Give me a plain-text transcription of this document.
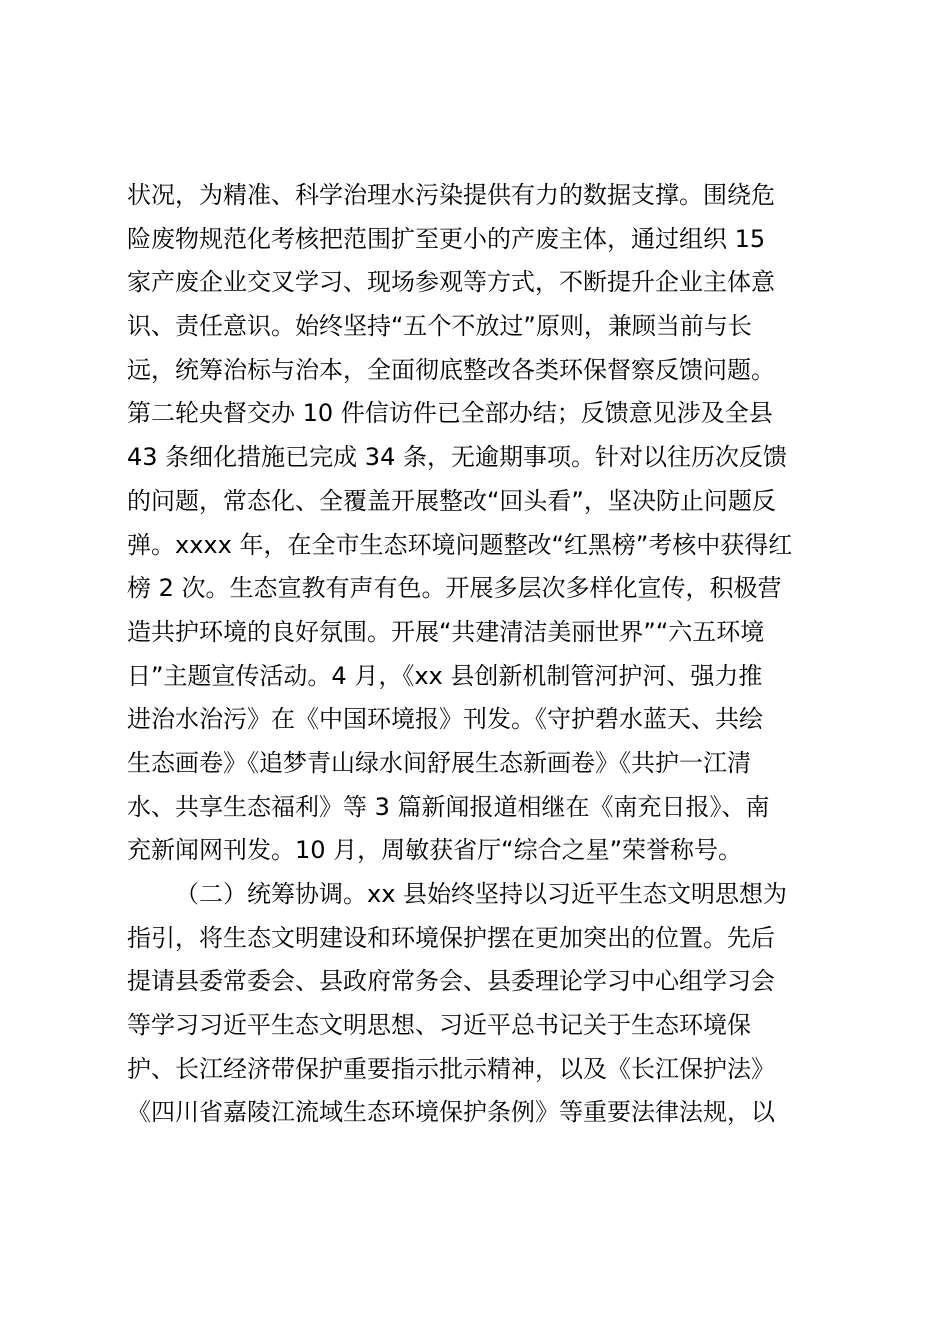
状况，为精准、科学治理水污染提供有力的数据支撑。围绕危
险废物规范化考核把范围扩至更小的产废主体，通过组织 15
家产废企业交叉学习、现场参观等方式，不断提升企业主体意
识、责任意识。始终坚持“五个不放过”原则，兼顾当前与长
远，统筹治标与治本，全面彻底整改各类环保督察反馈问题。
第二轮央督交办 10 件信访件已全部办结；反馈意见涉及全县
43 条细化措施已完成 34 条，无逾期事项。针对以往历次反馈
的问题，常态化、全覆盖开展整改“回头看”，坚决防止问题反
弹。xxxx 年，在全市生态环境问题整改“红黑榜”考核中获得红
榜 2 次。生态宣教有声有色。开展多层次多样化宣传，积极营
造共护环境的良好氛围。开展“共建清洁美丽世界”“六五环境
日”主题宣传活动。4 月，《xx 县创新机制管河护河、强力推
进治水治污》在《中国环境报》刊发。《守护碧水蓝天、共绘
生态画卷》《追梦青山绿水间舒展生态新画卷》《共护一江清
水、共享生态福利》等 3 篇新闻报道相继在《南充日报》、南
充新闻网刊发。10 月，周敏获省厅“综合之星”荣誉称号。
（二）统筹协调。xx 县始终坚持以习近平生态文明思想为
指引，将生态文明建设和环境保护摆在更加突出的位置。先后
提请县委常委会、县政府常务会、县委理论学习中心组学习会
等学习习近平生态文明思想、习近平总书记关于生态环境保
护、长江经济带保护重要指示批示精神，以及《长江保护法》
《四川省嘉陵江流域生态环境保护条例》等重要法律法规，以
